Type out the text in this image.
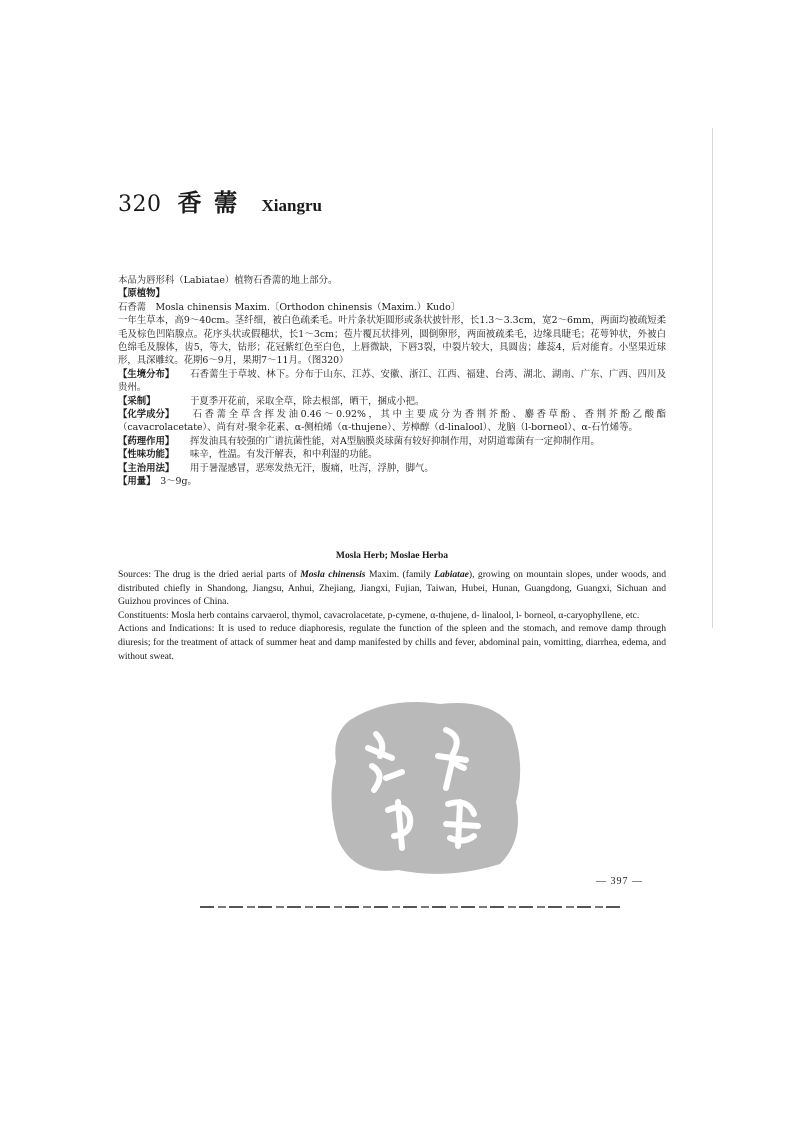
320 香薷 Xiangru

本品为唇形科（Labiatae）植物石香薷的地上部分。

【原植物】

石香薷　Mosla chinensis Maxim.〔Orthodon chinensis（Maxim.）Kudo〕

一年生草本，高9～40cm。茎纤细，被白色疏柔毛。叶片条状矩圆形或条状披针形，长1.3～3.3cm，宽2～6mm，两面均被疏短柔毛及棕色凹陷腺点。花序头状或假穗状，长1～3cm；苞片覆瓦状排列，圆倒卵形，两面被疏柔毛，边缘具睫毛；花萼钟状，外被白色绵毛及腺体，齿5，等大，钻形；花冠紫红色至白色，上唇微缺，下唇3裂，中裂片较大，具圆齿；雄蕊4，后对能育。小坚果近球形，具深雕纹。花期6～9月，果期7～11月。（图320）

【生境分布】 石香薷生于草坡、林下。分布于山东、江苏、安徽、浙江、江西、福建、台湾、湖北、湖南、广东、广西、四川及贵州。

【采制】	于夏季开花前，采取全草，除去根部，晒干，捆成小把。

【化学成分】 石香薷全草含挥发油0.46～0.92%，其中主要成分为香荆芥酚、麝香草酚、香荆芥酚乙酸酯（cavacrolacetate）、尚有对-聚伞花素、α-侧柏烯（α-thujene）、芳樟醇（d-linalool）、龙脑（l-borneol）、α-石竹烯等。

【药理作用】 挥发油具有较强的广谱抗菌性能，对A型脑膜炎球菌有较好抑制作用，对阴道霉菌有一定抑制作用。

【性味功能】 味辛，性温。有发汗解表，和中利湿的功能。

【主治用法】 用于暑湿感冒，恶寒发热无汗，腹痛，吐泻，浮肿，脚气。

【用量】　 3～9g。

Mosla Herb; Moslae Herba

Sources: The drug is the dried aerial parts of Mosla chinensis Maxim. (family Labiatae), growing on mountain slopes, under woods, and distributed chiefly in Shandong, Jiangsu, Anhui, Zhejiang, Jiangxi, Fujian, Taiwan, Hubei, Hunan, Guangdong, Guangxi, Sichuan and Guizhou provinces of China.

Constituents: Mosla herb contains carvaerol, thymol, cavacrolacetate, p-cymene, α-thujene, d- linalool, l- borneol, α-caryophyllene, etc.

Actions and Indications: It is used to reduce diaphoresis, regulate the function of the spleen and the stomach, and remove damp through diuresis; for the treatment of attack of summer heat and damp manifested by chills and fever, abdominal pain, vomitting, diarrhea, edema, and without sweat.

— 397 —
